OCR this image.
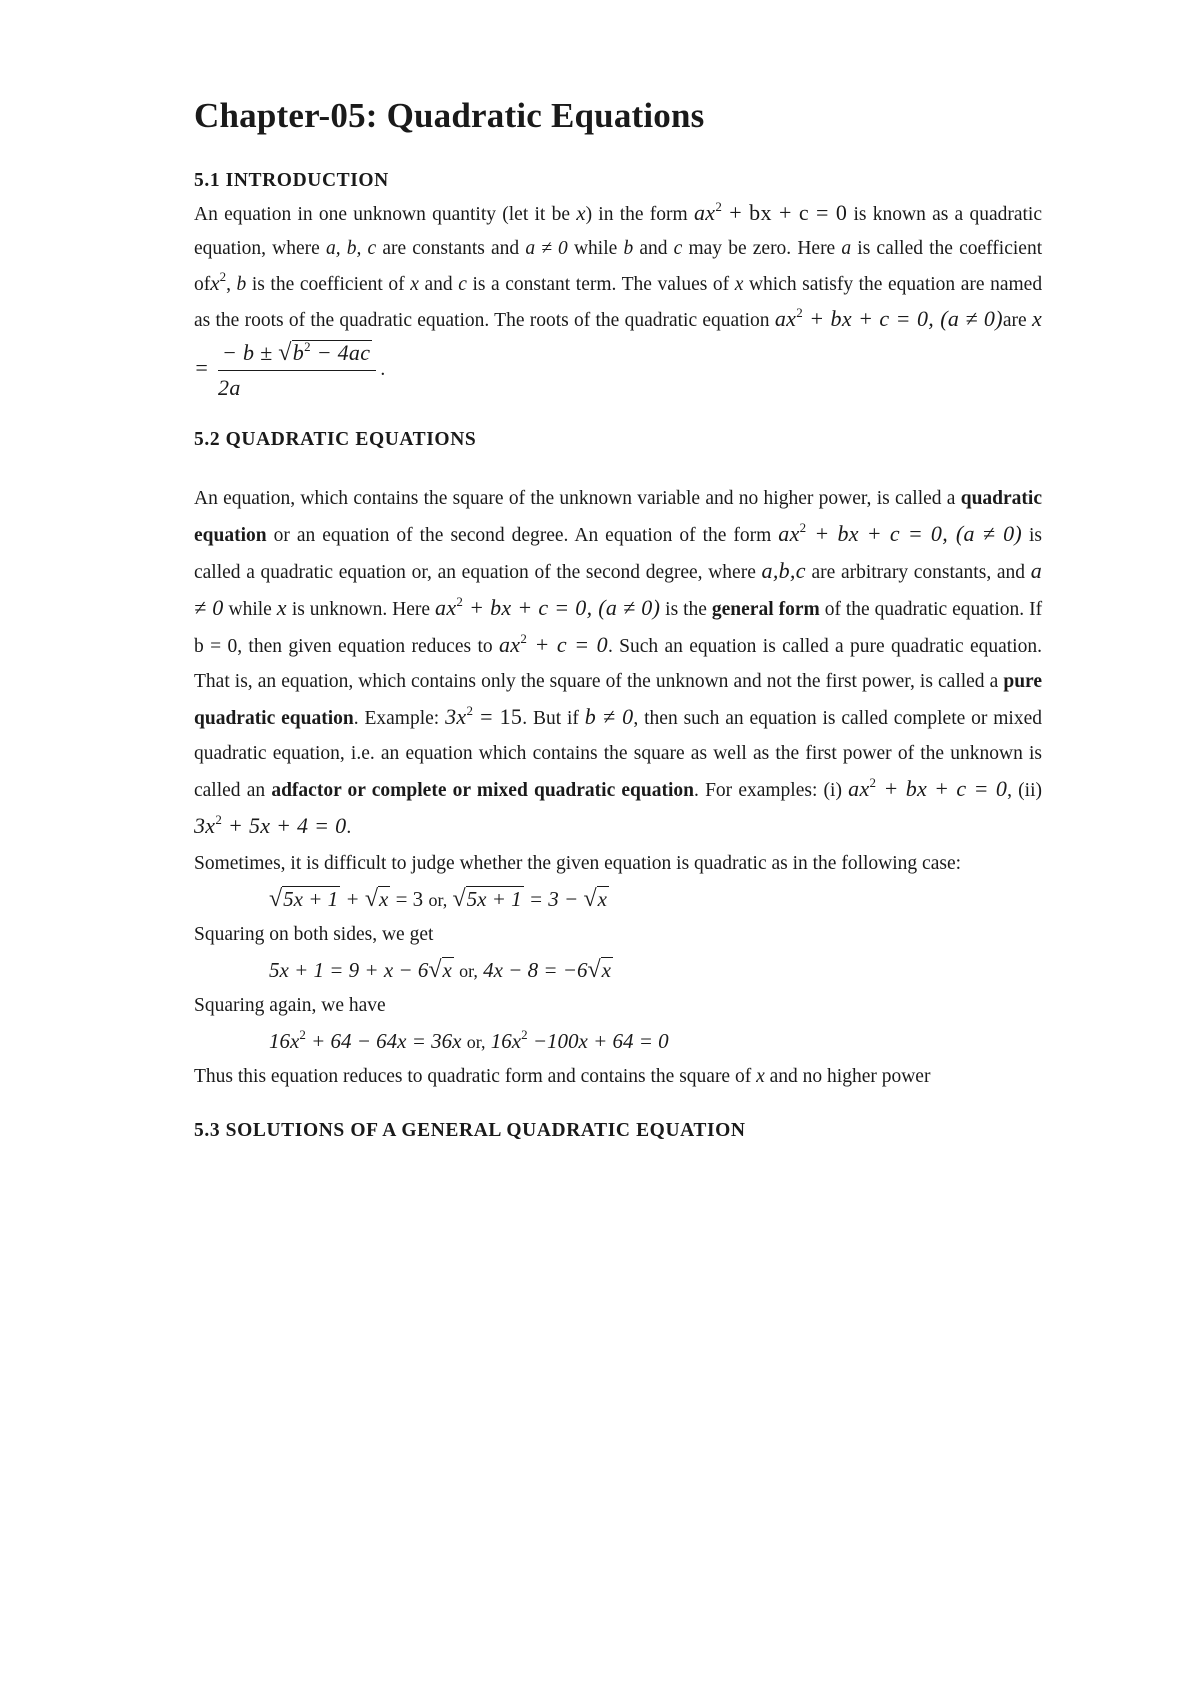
Chapter-05: Quadratic Equations
5.1 INTRODUCTION

An equation in one unknown quantity (let it be x) in the form $ax^2$ + bx + c = 0 is known as a quadratic equation, where a, b, c are constants and a ≠ 0 while b and c may be zero. Here a is called the coefficient ofx$^2$, b is the coefficient of x and c is a constant term. The values of x which satisfy the equation are named as the roots of the quadratic equation. The roots of the quadratic equation $ax^2$ + bx + c = 0, (a ≠ 0)are $x = \frac{- b \pm √b^2 - 4ac}{2a}$ .

5.2 QUADRATIC EQUATIONS

An equation, which contains the square of the unknown variable and no higher power, is called a quadratic equation or an equation of the second degree. An equation of the form $ax^2$ + bx + c = 0, (a ≠ 0) is called a quadratic equation or, an equation of the second degree, where a,b,c are arbitrary constants, and a ≠ 0 while x is unknown. Here $ax^2$ + bx + c = 0, (a ≠ 0) is the general form of the quadratic equation. If b = 0, then given equation reduces to $ax^2 + c = 0$. Such an equation is called a pure quadratic equation. That is, an equation, which contains only the square of the unknown and not the first power, is called a pure quadratic equation. Example: $3x^2 = 15$. But if b ≠ 0, then such an equation is called complete or mixed quadratic equation, i.e. an equation which contains the square as well as the first power of the unknown is called an adfactor or complete or mixed quadratic equation. For examples: (i) $ax^2$ + bx + c = 0, (ii) $3x^2 + 5x + 4 = 0$.

Sometimes, it is difficult to judge whether the given equation is quadratic as in the following case:

√5x + 1 + √x = 3 or, √5x + 1 = 3 − √x

Squaring on both sides, we get

5x + 1 = 9 + x − 6√x or, 4x − 8 = −6√x

Squaring again, we have

$16x^2 + 64 - 64x = 36x$ or, $16x^2 -100x + 64 = 0$

Thus this equation reduces to quadratic form and contains the square of x and no higher power

5.3 SOLUTIONS OF A GENERAL QUADRATIC EQUATION
